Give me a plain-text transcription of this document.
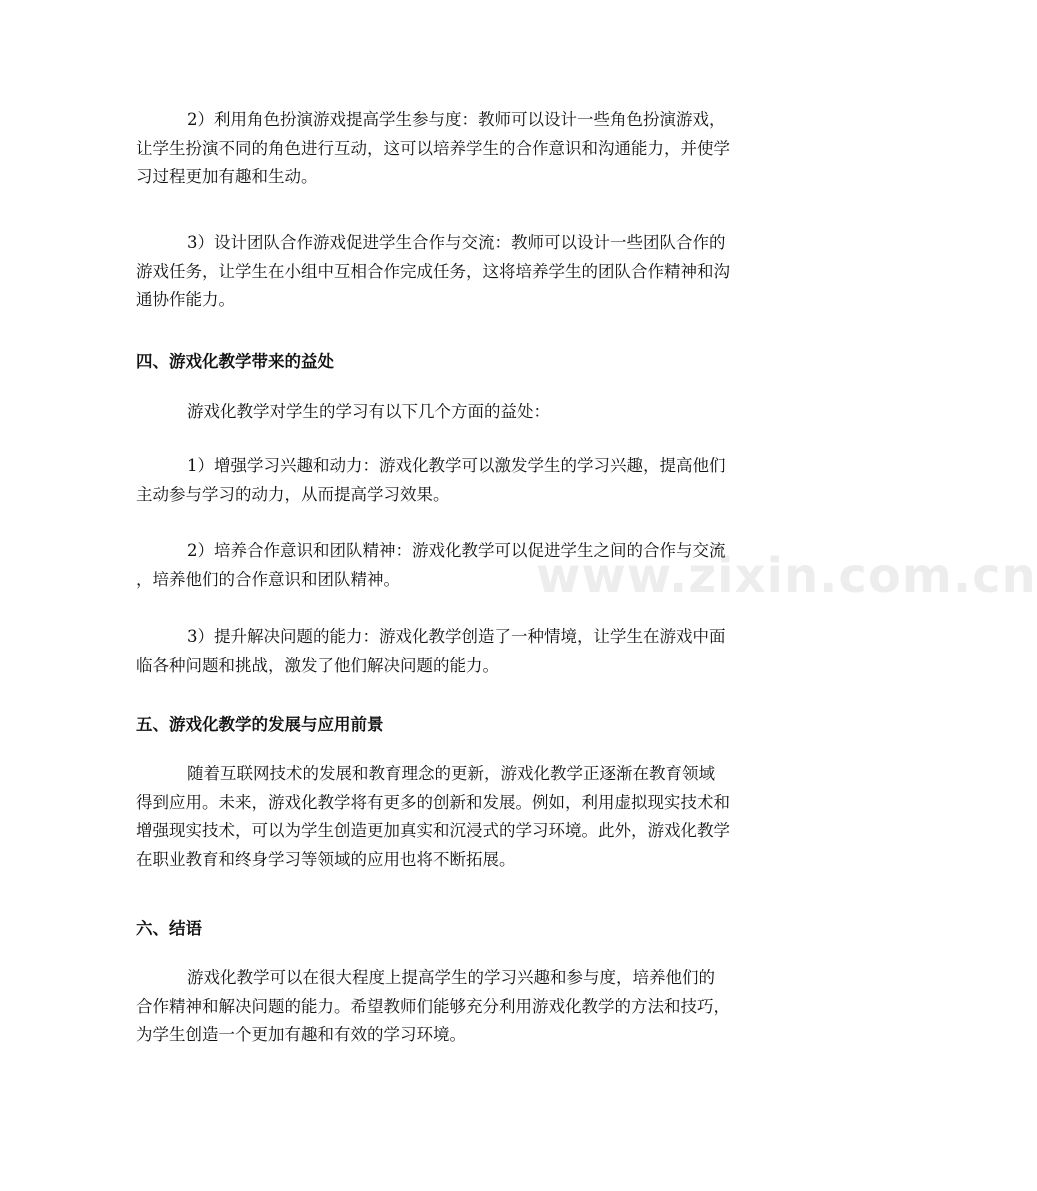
www.zixin.com.cn

2）利用角色扮演游戏提高学生参与度：教师可以设计一些角色扮演游戏，
让学生扮演不同的角色进行互动，这可以培养学生的合作意识和沟通能力，并使学
习过程更加有趣和生动。

3）设计团队合作游戏促进学生合作与交流：教师可以设计一些团队合作的
游戏任务，让学生在小组中互相合作完成任务，这将培养学生的团队合作精神和沟
通协作能力。

四、游戏化教学带来的益处

游戏化教学对学生的学习有以下几个方面的益处：

1）增强学习兴趣和动力：游戏化教学可以激发学生的学习兴趣，提高他们
主动参与学习的动力，从而提高学习效果。

2）培养合作意识和团队精神：游戏化教学可以促进学生之间的合作与交流
，培养他们的合作意识和团队精神。

3）提升解决问题的能力：游戏化教学创造了一种情境，让学生在游戏中面
临各种问题和挑战，激发了他们解决问题的能力。

五、游戏化教学的发展与应用前景

随着互联网技术的发展和教育理念的更新，游戏化教学正逐渐在教育领域
得到应用。未来，游戏化教学将有更多的创新和发展。例如，利用虚拟现实技术和
增强现实技术，可以为学生创造更加真实和沉浸式的学习环境。此外，游戏化教学
在职业教育和终身学习等领域的应用也将不断拓展。

六、结语

游戏化教学可以在很大程度上提高学生的学习兴趣和参与度，培养他们的
合作精神和解决问题的能力。希望教师们能够充分利用游戏化教学的方法和技巧，
为学生创造一个更加有趣和有效的学习环境。
